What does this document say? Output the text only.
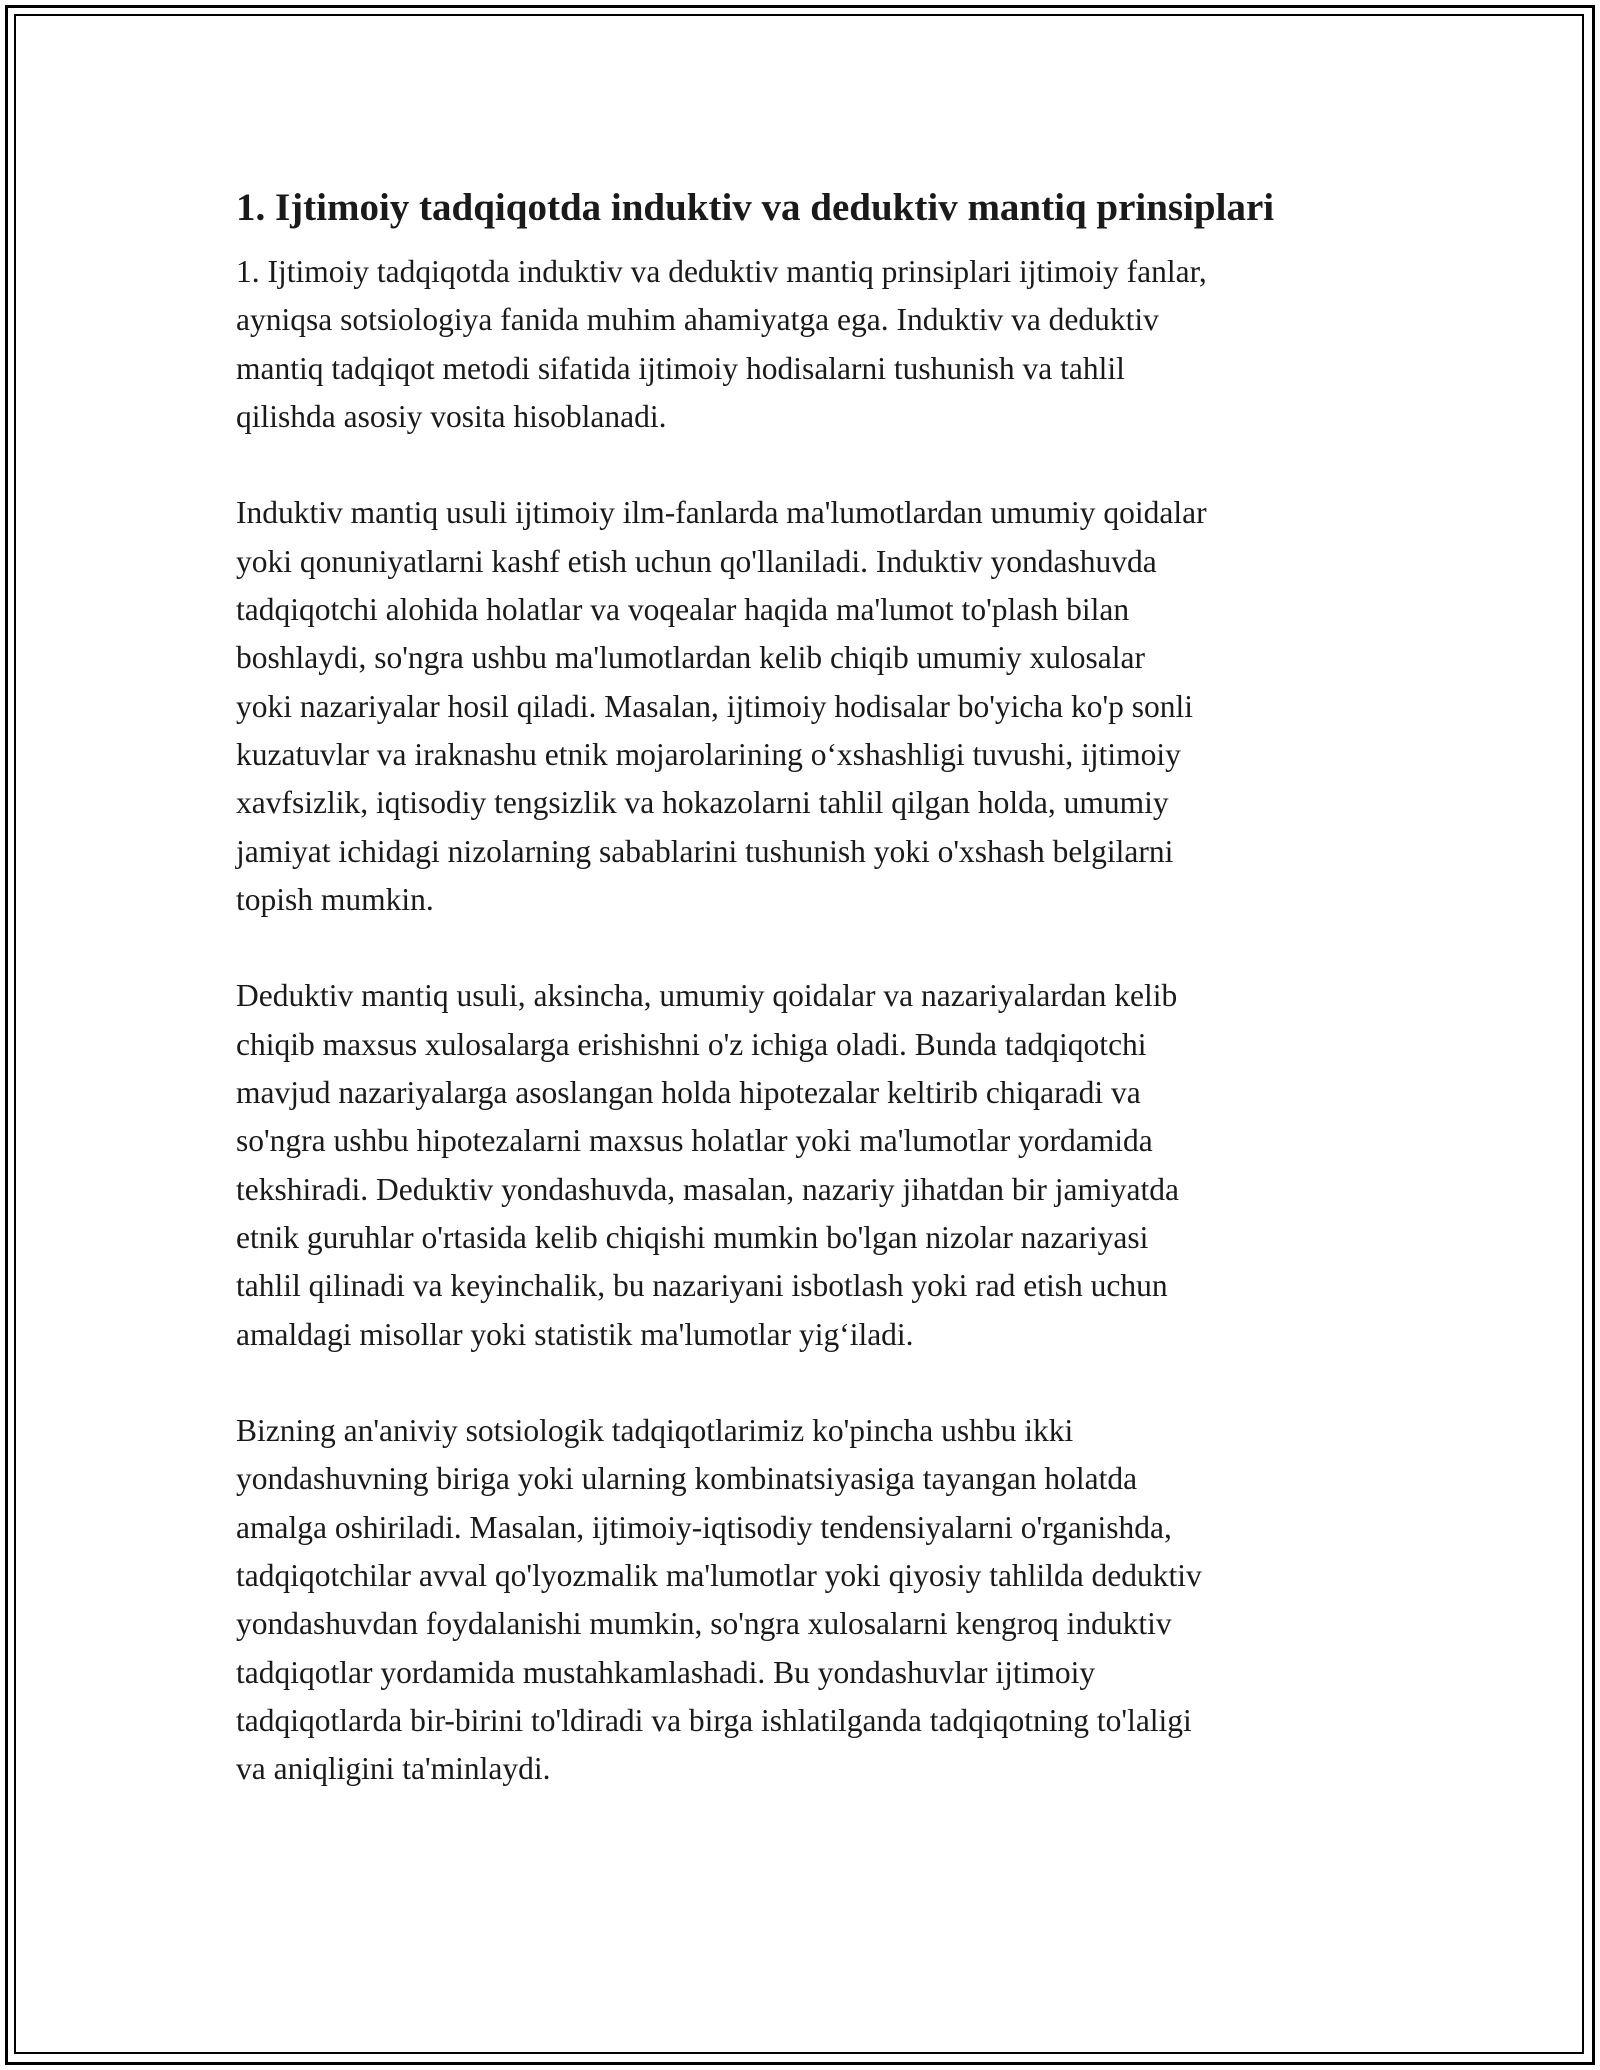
1. Ijtimoiy tadqiqotda induktiv va deduktiv mantiq prinsiplari
1. Ijtimoiy tadqiqotda induktiv va deduktiv mantiq prinsiplari ijtimoiy fanlar,
ayniqsa sotsiologiya fanida muhim ahamiyatga ega. Induktiv va deduktiv
mantiq tadqiqot metodi sifatida ijtimoiy hodisalarni tushunish va tahlil
qilishda asosiy vosita hisoblanadi.
Induktiv mantiq usuli ijtimoiy ilm-fanlarda ma'lumotlardan umumiy qoidalar
yoki qonuniyatlarni kashf etish uchun qo'llaniladi. Induktiv yondashuvda
tadqiqotchi alohida holatlar va voqealar haqida ma'lumot to'plash bilan
boshlaydi, so'ngra ushbu ma'lumotlardan kelib chiqib umumiy xulosalar
yoki nazariyalar hosil qiladi. Masalan, ijtimoiy hodisalar bo'yicha ko'p sonli
kuzatuvlar va iraknashu etnik mojarolarining o‘xshashligi tuvushi, ijtimoiy
xavfsizlik, iqtisodiy tengsizlik va hokazolarni tahlil qilgan holda, umumiy
jamiyat ichidagi nizolarning sabablarini tushunish yoki o'xshash belgilarni
topish mumkin.
Deduktiv mantiq usuli, aksincha, umumiy qoidalar va nazariyalardan kelib
chiqib maxsus xulosalarga erishishni o'z ichiga oladi. Bunda tadqiqotchi
mavjud nazariyalarga asoslangan holda hipotezalar keltirib chiqaradi va
so'ngra ushbu hipotezalarni maxsus holatlar yoki ma'lumotlar yordamida
tekshiradi. Deduktiv yondashuvda, masalan, nazariy jihatdan bir jamiyatda
etnik guruhlar o'rtasida kelib chiqishi mumkin bo'lgan nizolar nazariyasi
tahlil qilinadi va keyinchalik, bu nazariyani isbotlash yoki rad etish uchun
amaldagi misollar yoki statistik ma'lumotlar yig‘iladi.
Bizning an'aniviy sotsiologik tadqiqotlarimiz ko'pincha ushbu ikki
yondashuvning biriga yoki ularning kombinatsiyasiga tayangan holatda
amalga oshiriladi. Masalan, ijtimoiy-iqtisodiy tendensiyalarni o'rganishda,
tadqiqotchilar avval qo'lyozmalik ma'lumotlar yoki qiyosiy tahlilda deduktiv
yondashuvdan foydalanishi mumkin, so'ngra xulosalarni kengroq induktiv
tadqiqotlar yordamida mustahkamlashadi. Bu yondashuvlar ijtimoiy
tadqiqotlarda bir-birini to'ldiradi va birga ishlatilganda tadqiqotning to'laligi
va aniqligini ta'minlaydi.
